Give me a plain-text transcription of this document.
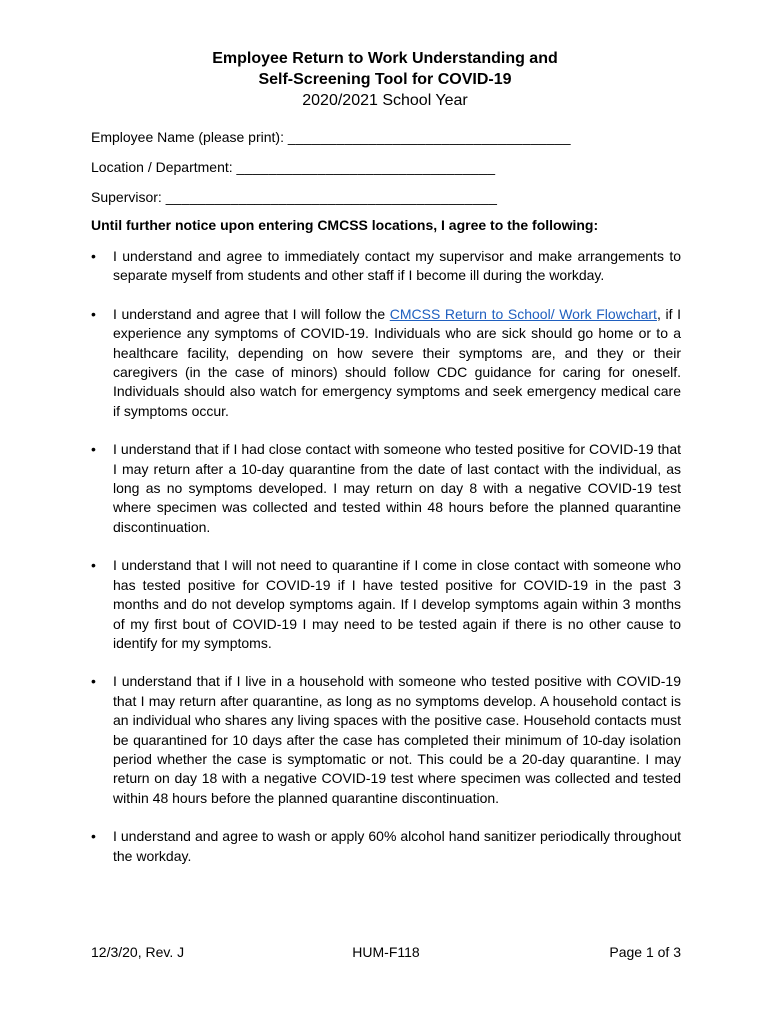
Employee Return to Work Understanding and
Self-Screening Tool for COVID-19
2020/2021 School Year
Employee Name (please print): ___________________________________
Location / Department: ________________________________
Supervisor: _________________________________________
Until further notice upon entering CMCSS locations, I agree to the following:
• I understand and agree to immediately contact my supervisor and make arrangements to separate myself from students and other staff if I become ill during the workday.
• I understand and agree that I will follow the CMCSS Return to School/ Work Flowchart, if I experience any symptoms of COVID-19. Individuals who are sick should go home or to a healthcare facility, depending on how severe their symptoms are, and they or their caregivers (in the case of minors) should follow CDC guidance for caring for oneself. Individuals should also watch for emergency symptoms and seek emergency medical care if symptoms occur.
• I understand that if I had close contact with someone who tested positive for COVID-19 that I may return after a 10-day quarantine from the date of last contact with the individual, as long as no symptoms developed. I may return on day 8 with a negative COVID-19 test where specimen was collected and tested within 48 hours before the planned quarantine discontinuation.
• I understand that I will not need to quarantine if I come in close contact with someone who has tested positive for COVID-19 if I have tested positive for COVID-19 in the past 3 months and do not develop symptoms again. If I develop symptoms again within 3 months of my first bout of COVID-19 I may need to be tested again if there is no other cause to identify for my symptoms.
• I understand that if I live in a household with someone who tested positive with COVID-19 that I may return after quarantine, as long as no symptoms develop. A household contact is an individual who shares any living spaces with the positive case. Household contacts must be quarantined for 10 days after the case has completed their minimum of 10-day isolation period whether the case is symptomatic or not. This could be a 20-day quarantine. I may return on day 18 with a negative COVID-19 test where specimen was collected and tested within 48 hours before the planned quarantine discontinuation.
• I understand and agree to wash or apply 60% alcohol hand sanitizer periodically throughout the workday.
12/3/20, Rev. J	HUM-F118	Page 1 of 3
